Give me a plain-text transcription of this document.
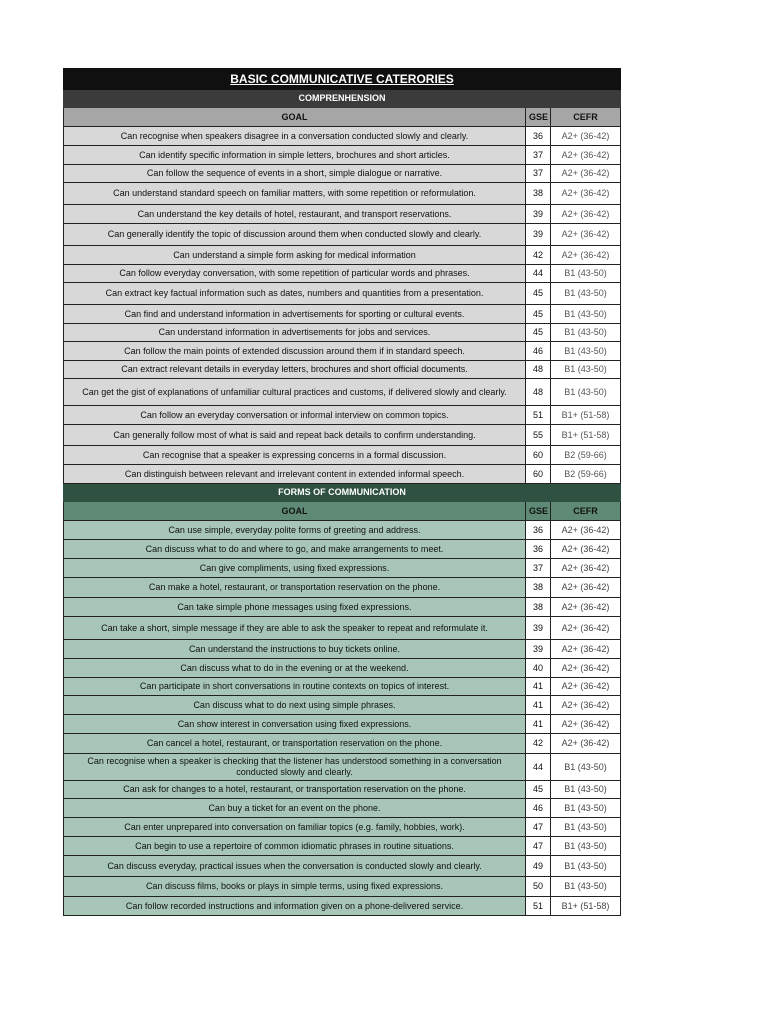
BASIC COMMUNICATIVE CATERORIES		
COMPRENHENSION		
GOAL	GSE	CEFR
Can recognise when speakers disagree in a conversation conducted slowly and clearly.	36	A2+ (36-42)
Can identify specific information in simple letters, brochures and short articles.	37	A2+ (36-42)
Can follow the sequence of events in a short, simple dialogue or narrative.	37	A2+ (36-42)
Can understand standard speech on familiar matters, with some repetition or reformulation.	38	A2+ (36-42)
Can understand the key details of hotel, restaurant, and transport reservations.	39	A2+ (36-42)
Can generally identify the topic of discussion around them when conducted slowly and clearly.	39	A2+ (36-42)
Can understand a simple form asking for medical information	42	A2+ (36-42)
Can follow everyday conversation, with some repetition of particular words and phrases.	44	B1 (43-50)
Can extract key factual information such as dates, numbers and quantities from a presentation.	45	B1 (43-50)
Can find and understand information in advertisements for sporting or cultural events.	45	B1 (43-50)
Can understand information in advertisements for jobs and services.	45	B1 (43-50)
Can follow the main points of extended discussion around them if in standard speech.	46	B1 (43-50)
Can extract relevant details in everyday letters, brochures and short official documents.	48	B1 (43-50)
Can get the gist of explanations of unfamiliar cultural practices and customs, if delivered slowly and clearly.	48	B1 (43-50)
Can follow an everyday conversation or informal interview on common topics.	51	B1+ (51-58)
Can generally follow most of what is said and repeat back details to confirm understanding.	55	B1+ (51-58)
Can recognise that a speaker is expressing concerns in a formal discussion.	60	B2 (59-66)
Can distinguish between relevant and irrelevant content in extended informal speech.	60	B2 (59-66)
FORMS OF COMMUNICATION		
GOAL	GSE	CEFR
Can use simple, everyday polite forms of greeting and address.	36	A2+ (36-42)
Can discuss what to do and where to go, and make arrangements to meet.	36	A2+ (36-42)
Can give compliments, using fixed expressions.	37	A2+ (36-42)
Can make a hotel, restaurant, or transportation reservation on the phone.	38	A2+ (36-42)
Can take simple phone messages using fixed expressions.	38	A2+ (36-42)
Can take a short, simple message if they are able to ask the speaker to repeat and reformulate it.	39	A2+ (36-42)
Can understand the instructions to buy tickets online.	39	A2+ (36-42)
Can discuss what to do in the evening or at the weekend.	40	A2+ (36-42)
Can participate in short conversations in routine contexts on topics of interest.	41	A2+ (36-42)
Can discuss what to do next using simple phrases.	41	A2+ (36-42)
Can show interest in conversation using fixed expressions.	41	A2+ (36-42)
Can cancel a hotel, restaurant, or transportation reservation on the phone.	42	A2+ (36-42)
Can recognise when a speaker is checking that the listener has understood something in a conversation conducted slowly and clearly.	44	B1 (43-50)
Can ask for changes to a hotel, restaurant, or transportation reservation on the phone.	45	B1 (43-50)
Can buy a ticket for an event on the phone.	46	B1 (43-50)
Can enter unprepared into conversation on familiar topics (e.g. family, hobbies, work).	47	B1 (43-50)
Can begin to use a repertoire of common idiomatic phrases in routine situations.	47	B1 (43-50)
Can discuss everyday, practical issues when the conversation is conducted slowly and clearly.	49	B1 (43-50)
Can discuss films, books or plays in simple terms, using fixed expressions.	50	B1 (43-50)
Can follow recorded instructions and information given on a phone-delivered service.	51	B1+ (51-58)
